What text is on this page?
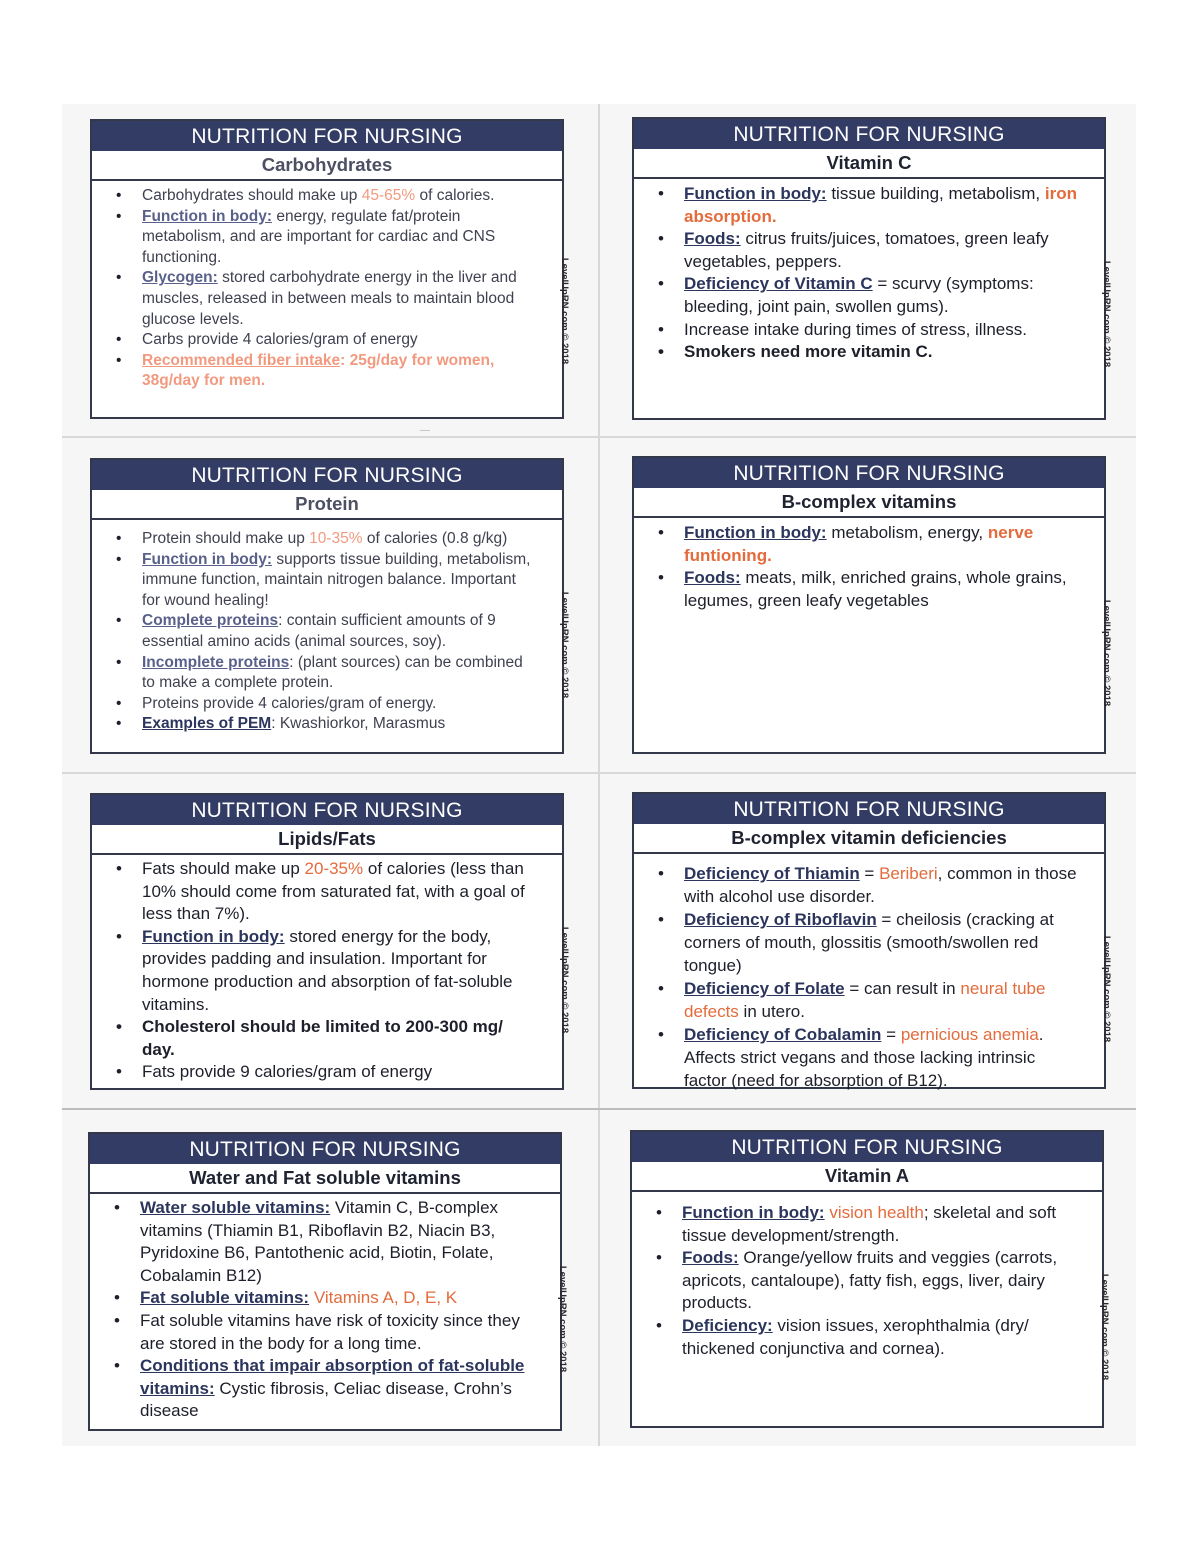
NUTRITION FOR NURSING
Carbohydrates
• Carbohydrates should make up 45-65% of calories.
• Function in body: energy, regulate fat/protein metabolism, and are important for cardiac and CNS functioning.
• Glycogen: stored carbohydrate energy in the liver and muscles, released in between meals to maintain blood glucose levels.
• Carbs provide 4 calories/gram of energy
• Recommended fiber intake: 25g/day for women, 38g/day for men.
LevelUpRN.com © 2018
NUTRITION FOR NURSING
Protein
• Protein should make up 10-35% of calories (0.8 g/kg)
• Function in body: supports tissue building, metabolism, immune function, maintain nitrogen balance. Important for wound healing!
• Complete proteins: contain sufficient amounts of 9 essential amino acids (animal sources, soy).
• Incomplete proteins: (plant sources) can be combined to make a complete protein.
• Proteins provide 4 calories/gram of energy.
• Examples of PEM: Kwashiorkor, Marasmus
LevelUpRN.com © 2018
NUTRITION FOR NURSING
Lipids/Fats
• Fats should make up 20-35% of calories (less than 10% should come from saturated fat, with a goal of less than 7%).
• Function in body: stored energy for the body, provides padding and insulation. Important for hormone production and absorption of fat-soluble vitamins.
• Cholesterol should be limited to 200-300 mg/ day.
• Fats provide 9 calories/gram of energy
LevelUpRN.com © 2018
NUTRITION FOR NURSING
Water and Fat soluble vitamins
• Water soluble vitamins: Vitamin C, B-complex vitamins (Thiamin B1, Riboflavin B2, Niacin B3, Pyridoxine B6, Pantothenic acid, Biotin, Folate, Cobalamin B12)
• Fat soluble vitamins: Vitamins A, D, E, K
• Fat soluble vitamins have risk of toxicity since they are stored in the body for a long time.
• Conditions that impair absorption of fat-soluble vitamins: Cystic fibrosis, Celiac disease, Crohn’s disease
LevelUpRN.com © 2018
NUTRITION FOR NURSING
Vitamin C
• Function in body: tissue building, metabolism, iron absorption.
• Foods: citrus fruits/juices, tomatoes, green leafy vegetables, peppers.
• Deficiency of Vitamin C = scurvy (symptoms: bleeding, joint pain, swollen gums).
• Increase intake during times of stress, illness.
• Smokers need more vitamin C.	LevelUpRN.com © 2018
NUTRITION FOR NURSING
B-complex vitamins
• Function in body: metabolism, energy, nerve funtioning.
• Foods: meats, milk, enriched grains, whole grains, legumes, green leafy vegetables	LevelUpRN.com © 2018
NUTRITION FOR NURSING
B-complex vitamin deficiencies
• Deficiency of Thiamin = Beriberi, common in those with alcohol use disorder.
• Deficiency of Riboflavin = cheilosis (cracking at corners of mouth, glossitis (smooth/swollen red tongue)
• Deficiency of Folate = can result in neural tube defects in utero.
• Deficiency of Cobalamin = pernicious anemia. Affects strict vegans and those lacking intrinsic factor (need for absorption of B12).
LevelUpRN.com © 2018
NUTRITION FOR NURSING
Vitamin A
• Function in body: vision health; skeletal and soft tissue development/strength.
• Foods: Orange/yellow fruits and veggies (carrots, apricots, cantaloupe), fatty fish, eggs, liver, dairy products.
• Deficiency: vision issues, xerophthalmia (dry/ thickened conjunctiva and cornea).	LevelUpRN.com © 2018
